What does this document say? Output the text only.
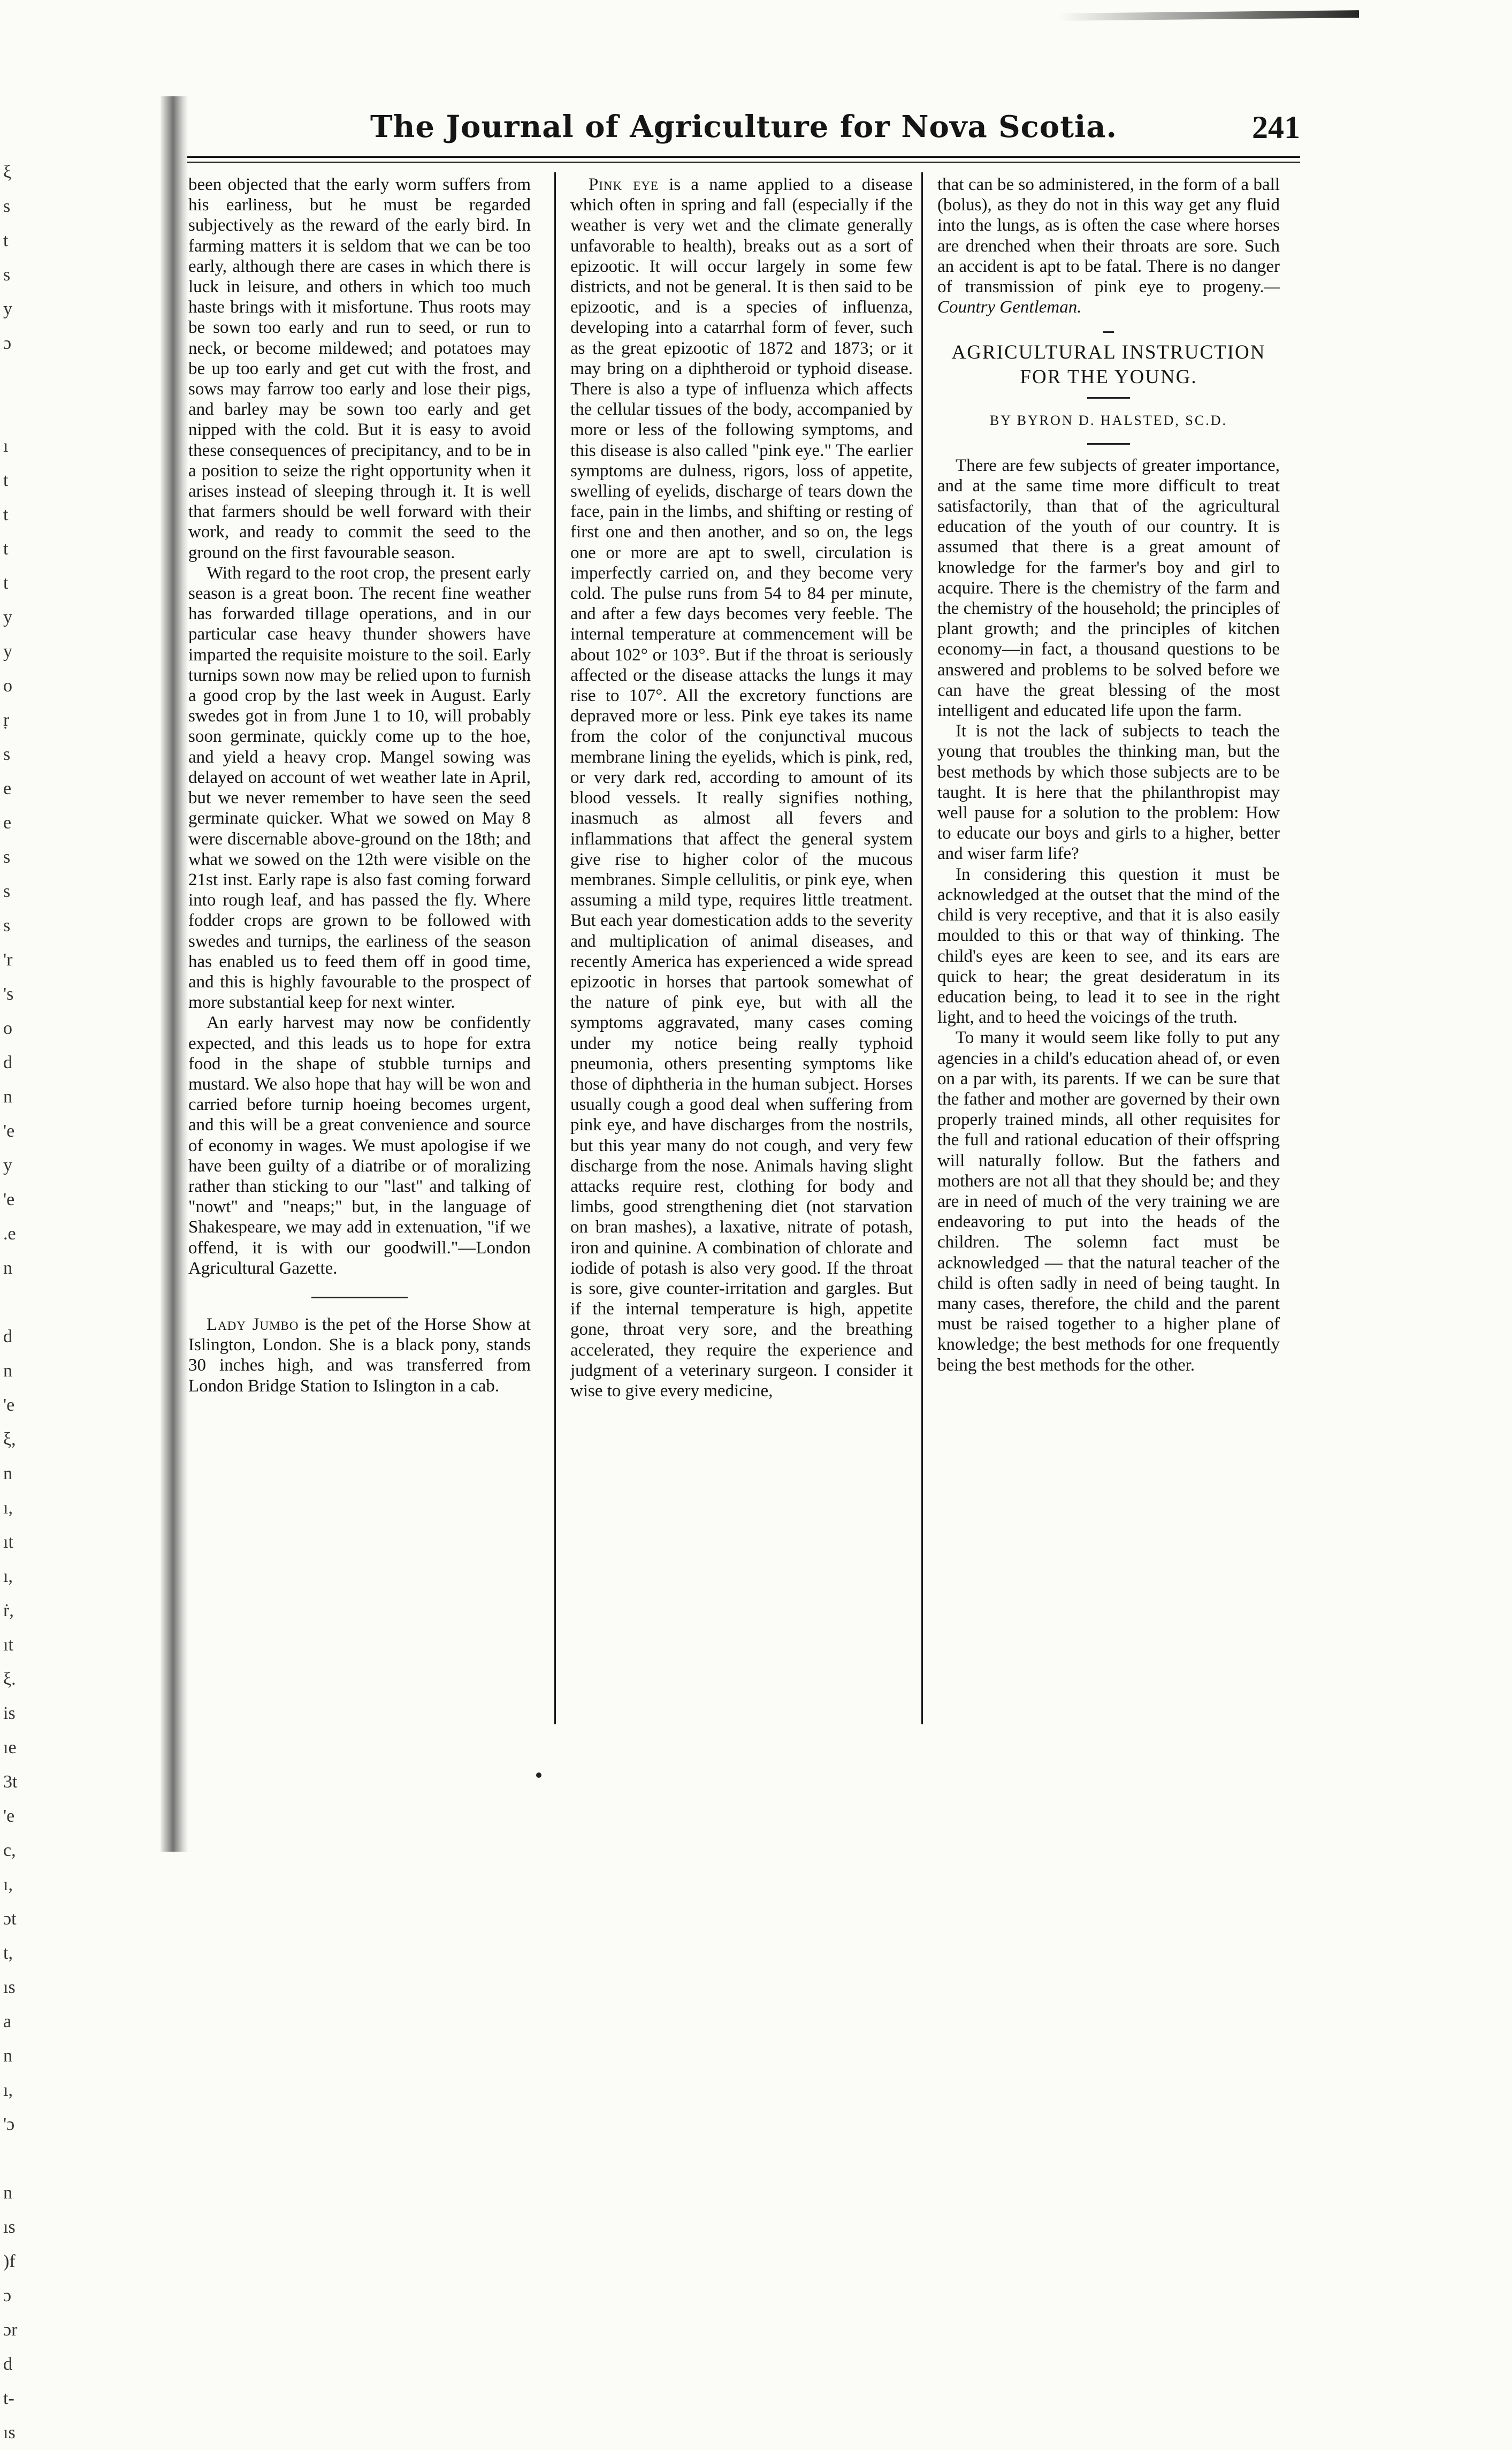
ξ
s
t
s
y
ɔ

ı
t
t
t
t
y
y
o
ṛ
s
e
e
s
s
s
'r
's
o
d
n
'e
y
'e
.e
n

d
n
'e
ξ,
n
ı,
ıt
ı,
ṙ,
ıt
ξ.
is
ıe
3t
'e
c,
ı,
ɔt
t,
ıs
a
n
ı,
'ɔ

n
ıs
)f
ɔ
ɔr
d
t-
ıs
The Journal of Agriculture for Nova Scotia.	241

been objected that the early worm suffers from his earliness, but he must be regarded subjectively as the reward of the early bird. In farming matters it is seldom that we can be too early, although there are cases in which there is luck in leisure, and others in which too much haste brings with it misfortune. Thus roots may be sown too early and run to seed, or run to neck, or become mildewed; and potatoes may be up too early and get cut with the frost, and sows may farrow too early and lose their pigs, and barley may be sown too early and get nipped with the cold. But it is easy to avoid these consequences of precipitancy, and to be in a position to seize the right opportunity when it arises instead of sleeping through it. It is well that farmers should be well forward with their work, and ready to commit the seed to the ground on the first favourable season.

With regard to the root crop, the present early season is a great boon. The recent fine weather has forwarded tillage operations, and in our particular case heavy thunder showers have imparted the requisite moisture to the soil. Early turnips sown now may be relied upon to furnish a good crop by the last week in August. Early swedes got in from June 1 to 10, will probably soon germinate, quickly come up to the hoe, and yield a heavy crop. Mangel sowing was delayed on account of wet weather late in April, but we never remember to have seen the seed germinate quicker. What we sowed on May 8 were discernable above-ground on the 18th; and what we sowed on the 12th were visible on the 21st inst. Early rape is also fast coming forward into rough leaf, and has passed the fly. Where fodder crops are grown to be followed with swedes and turnips, the earliness of the season has enabled us to feed them off in good time, and this is highly favourable to the prospect of more substantial keep for next winter.

An early harvest may now be confidently expected, and this leads us to hope for extra food in the shape of stubble turnips and mustard. We also hope that hay will be won and carried before turnip hoeing becomes urgent, and this will be a great convenience and source of economy in wages. We must apologise if we have been guilty of a diatribe or of moralizing rather than sticking to our "last" and talking of "nowt" and "neaps;" but, in the language of Shakespeare, we may add in extenuation, "if we offend, it is with our goodwill."—London Agricultural Gazette.

Lady Jumbo is the pet of the Horse Show at Islington, London. She is a black pony, stands 30 inches high, and was transferred from London Bridge Station to Islington in a cab.

Pink eye is a name applied to a disease which often in spring and fall (especially if the weather is very wet and the climate generally unfavorable to health), breaks out as a sort of epizootic. It will occur largely in some few districts, and not be general. It is then said to be epizootic, and is a species of influenza, developing into a catarrhal form of fever, such as the great epizootic of 1872 and 1873; or it may bring on a diphtheroid or typhoid disease. There is also a type of influenza which affects the cellular tissues of the body, accompanied by more or less of the following symptoms, and this disease is also called "pink eye." The earlier symptoms are dulness, rigors, loss of appetite, swelling of eyelids, discharge of tears down the face, pain in the limbs, and shifting or resting of first one and then another, and so on, the legs one or more are apt to swell, circulation is imperfectly carried on, and they become very cold. The pulse runs from 54 to 84 per minute, and after a few days becomes very feeble. The internal temperature at commencement will be about 102° or 103°. But if the throat is seriously affected or the disease attacks the lungs it may rise to 107°. All the excretory functions are depraved more or less. Pink eye takes its name from the color of the conjunctival mucous membrane lining the eyelids, which is pink, red, or very dark red, according to amount of its blood vessels. It really signifies nothing, inasmuch as almost all fevers and inflammations that affect the general system give rise to higher color of the mucous membranes. Simple cellulitis, or pink eye, when assuming a mild type, requires little treatment. But each year domestication adds to the severity and multiplication of animal diseases, and recently America has experienced a wide spread epizootic in horses that partook somewhat of the nature of pink eye, but with all the symptoms aggravated, many cases coming under my notice being really typhoid pneumonia, others presenting symptoms like those of diphtheria in the human subject. Horses usually cough a good deal when suffering from pink eye, and have discharges from the nostrils, but this year many do not cough, and very few discharge from the nose. Animals having slight attacks require rest, clothing for body and limbs, good strengthening diet (not starvation on bran mashes), a laxative, nitrate of potash, iron and quinine. A combination of chlorate and iodide of potash is also very good. If the throat is sore, give counter-irritation and gargles. But if the internal temperature is high, appetite gone, throat very sore, and the breathing accelerated, they require the experience and judgment of a veterinary surgeon. I consider it wise to give every medicine,

that can be so administered, in the form of a ball (bolus), as they do not in this way get any fluid into the lungs, as is often the case where horses are drenched when their throats are sore. Such an accident is apt to be fatal. There is no danger of transmission of pink eye to progeny.—Country Gentleman.

AGRICULTURAL INSTRUCTION
FOR THE YOUNG.
BY BYRON D. HALSTED, SC.D.

There are few subjects of greater importance, and at the same time more difficult to treat satisfactorily, than that of the agricultural education of the youth of our country. It is assumed that there is a great amount of knowledge for the farmer's boy and girl to acquire. There is the chemistry of the farm and the chemistry of the household; the principles of plant growth; and the principles of kitchen economy—in fact, a thousand questions to be answered and problems to be solved before we can have the great blessing of the most intelligent and educated life upon the farm.

It is not the lack of subjects to teach the young that troubles the thinking man, but the best methods by which those subjects are to be taught. It is here that the philanthropist may well pause for a solution to the problem: How to educate our boys and girls to a higher, better and wiser farm life?

In considering this question it must be acknowledged at the outset that the mind of the child is very receptive, and that it is also easily moulded to this or that way of thinking. The child's eyes are keen to see, and its ears are quick to hear; the great desideratum in its education being, to lead it to see in the right light, and to heed the voicings of the truth.

To many it would seem like folly to put any agencies in a child's education ahead of, or even on a par with, its parents. If we can be sure that the father and mother are governed by their own properly trained minds, all other requisites for the full and rational education of their offspring will naturally follow. But the fathers and mothers are not all that they should be; and they are in need of much of the very training we are endeavoring to put into the heads of the children. The solemn fact must be acknowledged — that the natural teacher of the child is often sadly in need of being taught. In many cases, therefore, the child and the parent must be raised together to a higher plane of knowledge; the best methods for one frequently being the best methods for the other.
